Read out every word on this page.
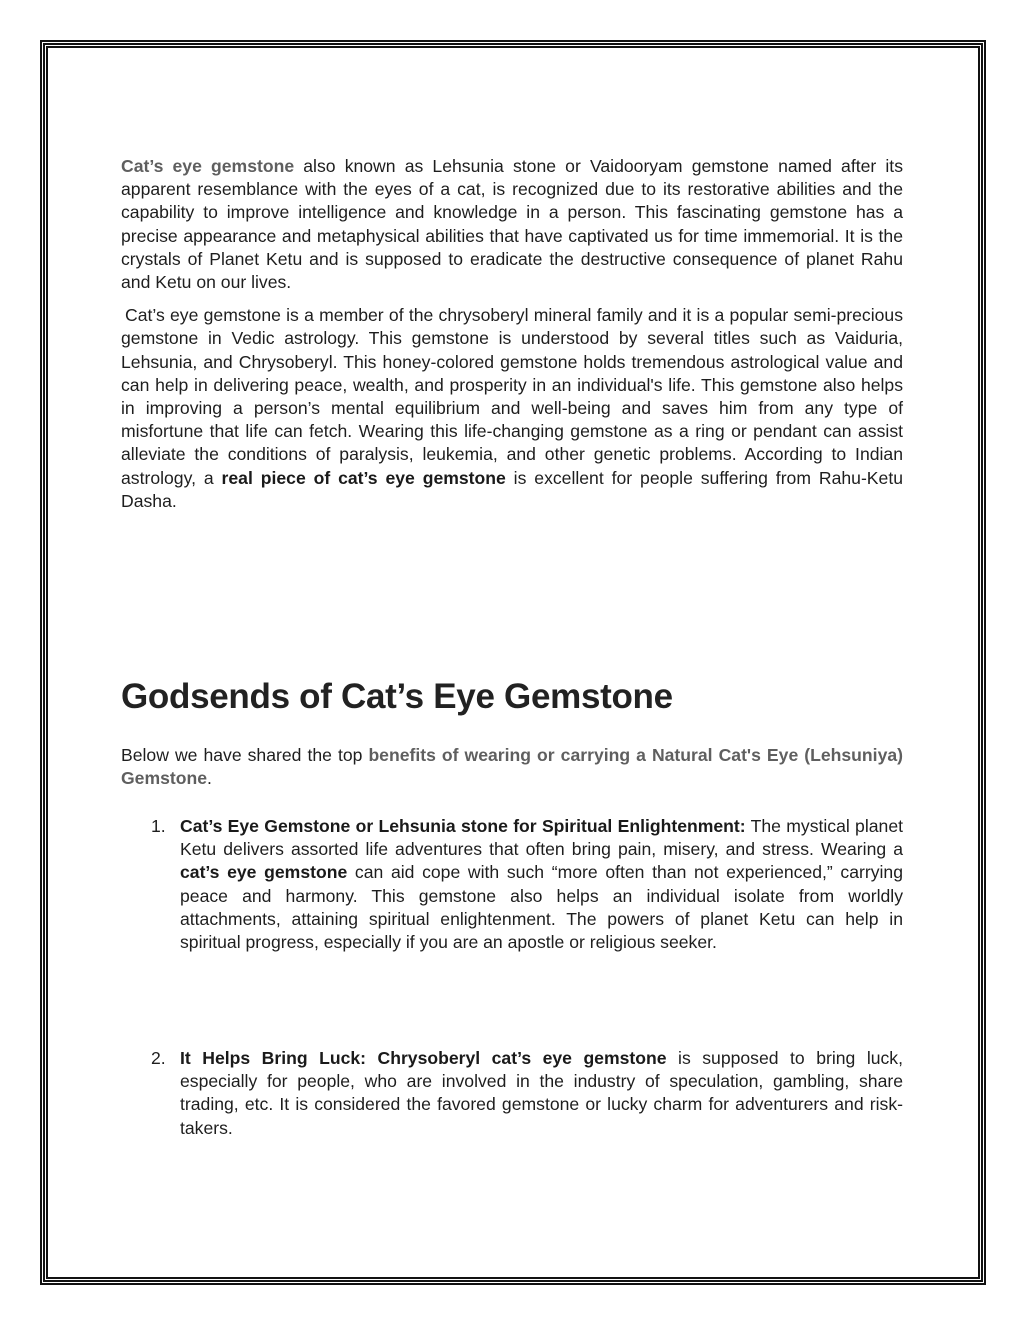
Cat’s eye gemstone also known as Lehsunia stone or Vaidooryam gemstone named after its apparent resemblance with the eyes of a cat, is recognized due to its restorative abilities and the capability to improve intelligence and knowledge in a person. This fascinating gemstone has a precise appearance and metaphysical abilities that have captivated us for time immemorial. It is the crystals of Planet Ketu and is supposed to eradicate the destructive consequence of planet Rahu and Ketu on our lives.

Cat’s eye gemstone is a member of the chrysoberyl mineral family and it is a popular semi-precious gemstone in Vedic astrology. This gemstone is understood by several titles such as Vaiduria, Lehsunia, and Chrysoberyl. This honey-colored gemstone holds tremendous astrological value and can help in delivering peace, wealth, and prosperity in an individual's life. This gemstone also helps in improving a person’s mental equilibrium and well-being and saves him from any type of misfortune that life can fetch. Wearing this life-changing gemstone as a ring or pendant can assist alleviate the conditions of paralysis, leukemia, and other genetic problems. According to Indian astrology, a real piece of cat’s eye gemstone is excellent for people suffering from Rahu-Ketu Dasha.

Godsends of Cat’s Eye Gemstone

Below we have shared the top benefits of wearing or carrying a Natural Cat's Eye (Lehsuniya) Gemstone.

1. Cat’s Eye Gemstone or Lehsunia stone for Spiritual Enlightenment: The mystical planet Ketu delivers assorted life adventures that often bring pain, misery, and stress. Wearing a cat’s eye gemstone can aid cope with such “more often than not experienced,” carrying peace and harmony. This gemstone also helps an individual isolate from worldly attachments, attaining spiritual enlightenment. The powers of planet Ketu can help in spiritual progress, especially if you are an apostle or religious seeker.

2. It Helps Bring Luck: Chrysoberyl cat’s eye gemstone is supposed to bring luck, especially for people, who are involved in the industry of speculation, gambling, share trading, etc. It is considered the favored gemstone or lucky charm for adventurers and risk-takers.
